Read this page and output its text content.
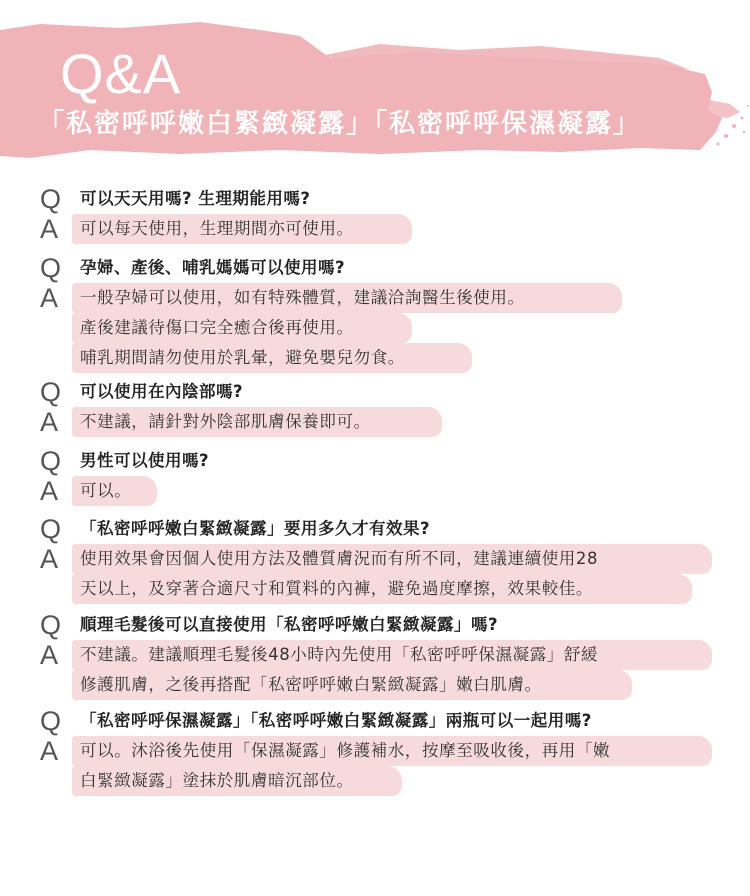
Q&A

「私密呼呼嫩白緊緻凝露」「私密呼呼保濕凝露」

Q	可以天天用嗎? 生理期能用嗎?

A	可以每天使用，生理期間亦可使用。

Q	孕婦、產後、哺乳媽媽可以使用嗎?

A	一般孕婦可以使用，如有特殊體質，建議洽詢醫生後使用。

產後建議待傷口完全癒合後再使用。

哺乳期間請勿使用於乳暈，避免嬰兒勿食。

Q	可以使用在內陰部嗎?

A	不建議，請針對外陰部肌膚保養即可。

Q	男性可以使用嗎?

A	可以。

Q	「私密呼呼嫩白緊緻凝露」要用多久才有效果?

A	使用效果會因個人使用方法及體質膚況而有所不同，建議連續使用28

天以上，及穿著合適尺寸和質料的內褲，避免過度摩擦，效果較佳。

Q	順理毛髮後可以直接使用「私密呼呼嫩白緊緻凝露」嗎?

A	不建議。建議順理毛髮後48小時內先使用「私密呼呼保濕凝露」舒緩

修護肌膚，之後再搭配「私密呼呼嫩白緊緻凝露」嫩白肌膚。

Q	「私密呼呼保濕凝露」「私密呼呼嫩白緊緻凝露」兩瓶可以一起用嗎?

A	可以。沐浴後先使用「保濕凝露」修護補水，按摩至吸收後，再用「嫩

白緊緻凝露」塗抹於肌膚暗沉部位。
